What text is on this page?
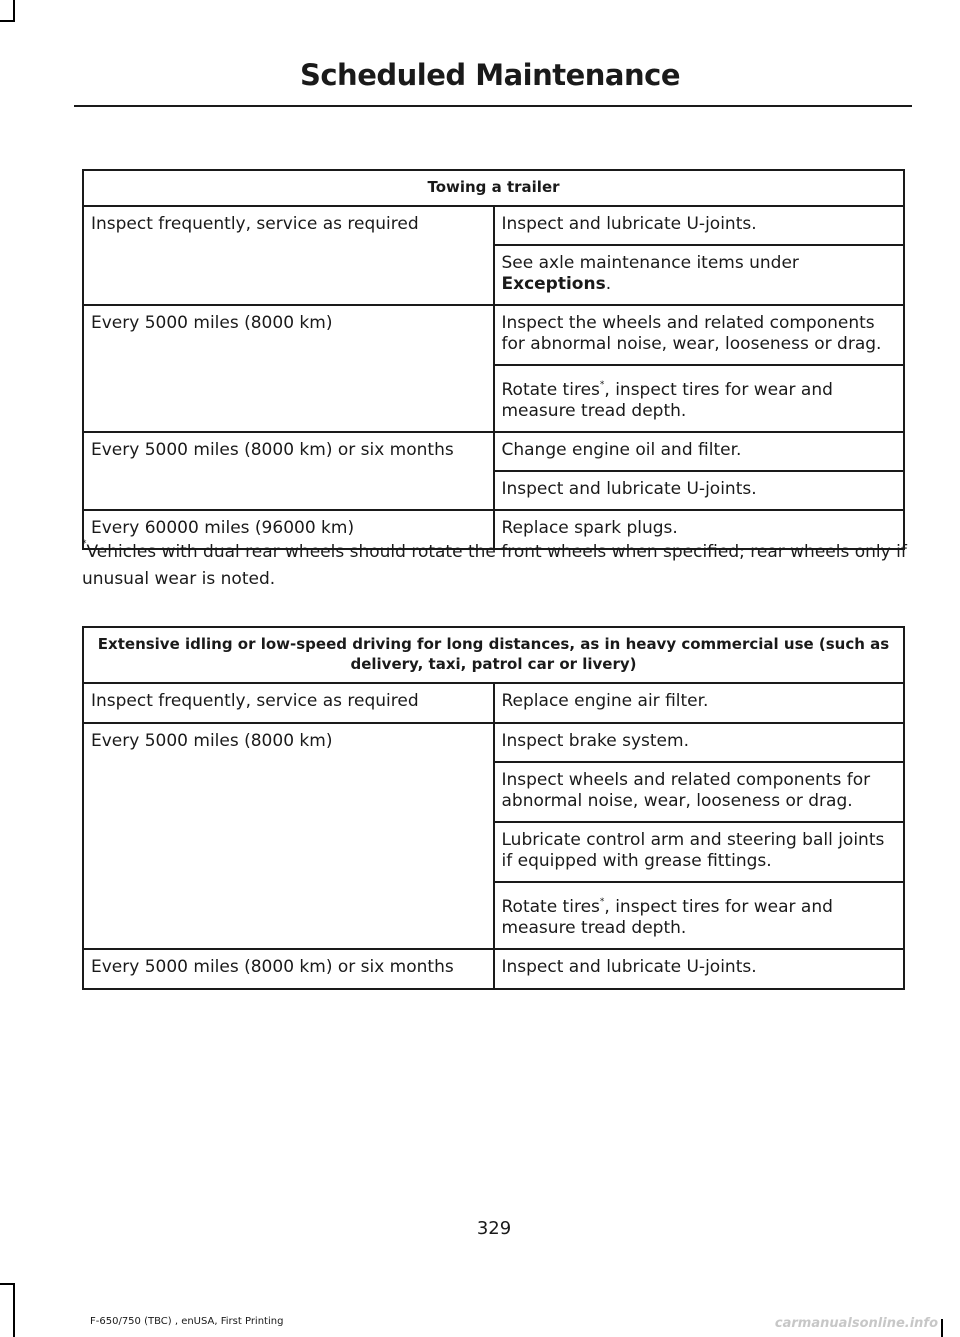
Scheduled Maintenance
Towing a trailer	
Inspect frequently, service as required	Inspect and lubricate U-joints.
	See axle maintenance items under Exceptions.
Every 5000 miles (8000 km)	Inspect the wheels and related components for abnormal noise, wear, looseness or drag.
	Rotate tires*, inspect tires for wear and measure tread depth.
Every 5000 miles (8000 km) or six months	Change engine oil and filter.
	Inspect and lubricate U-joints.
Every 60000 miles (96000 km)	Replace spark plugs.
*Vehicles with dual rear wheels should rotate the front wheels when specified; rear wheels only if unusual wear is noted.
Extensive idling or low-speed driving for long distances, as in heavy commercial use (such as delivery, taxi, patrol car or livery)	
Inspect frequently, service as required	Replace engine air filter.
Every 5000 miles (8000 km)	Inspect brake system.
	Inspect wheels and related components for abnormal noise, wear, looseness or drag.
	Lubricate control arm and steering ball joints if equipped with grease fittings.
	Rotate tires*, inspect tires for wear and measure tread depth.
Every 5000 miles (8000 km) or six months	Inspect and lubricate U-joints.
329
F-650/750 (TBC) , enUSA, First Printing	carmanualsonline.info
